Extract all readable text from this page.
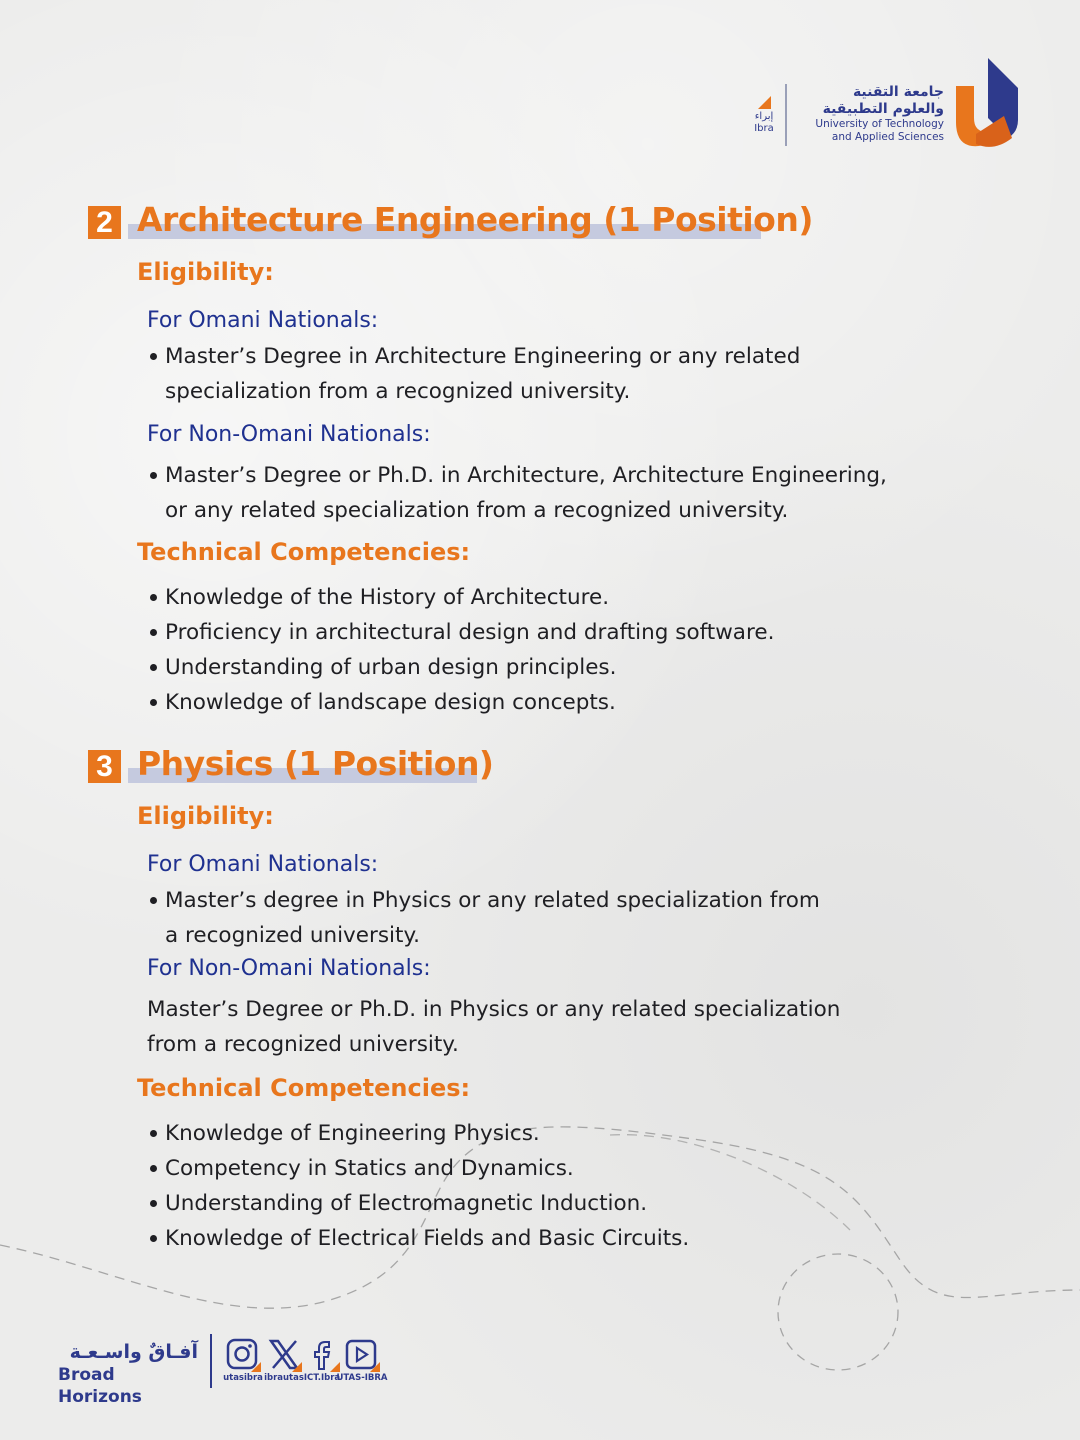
إبراء
Ibra
جامعة التقنية
والعلوم التطبيقية
University of Technology
and Applied Sciences
2 Architecture Engineering (1 Position)
Eligibility:
For Omani Nationals:
Master’s Degree in Architecture Engineering or any related
specialization from a recognized university.
For Non-Omani Nationals:
Master’s Degree or Ph.D. in Architecture, Architecture Engineering,
or any related specialization from a recognized university.
Technical Competencies:
Knowledge of the History of Architecture.
Proficiency in architectural design and drafting software.
Understanding of urban design principles.
Knowledge of landscape design concepts.
3 Physics (1 Position)
Eligibility:
For Omani Nationals:
Master’s degree in Physics or any related specialization from
a recognized university.
For Non-Omani Nationals:
Master’s Degree or Ph.D. in Physics or any related specialization
from a recognized university.
Technical Competencies:
Knowledge of Engineering Physics.
Competency in Statics and Dynamics.
Understanding of Electromagnetic Induction.
Knowledge of Electrical Fields and Basic Circuits.
آفـاقٌ واسـعـة
Broad Horizons
utasibra ibrautas ICT.Ibra
UTAS-IBRA
